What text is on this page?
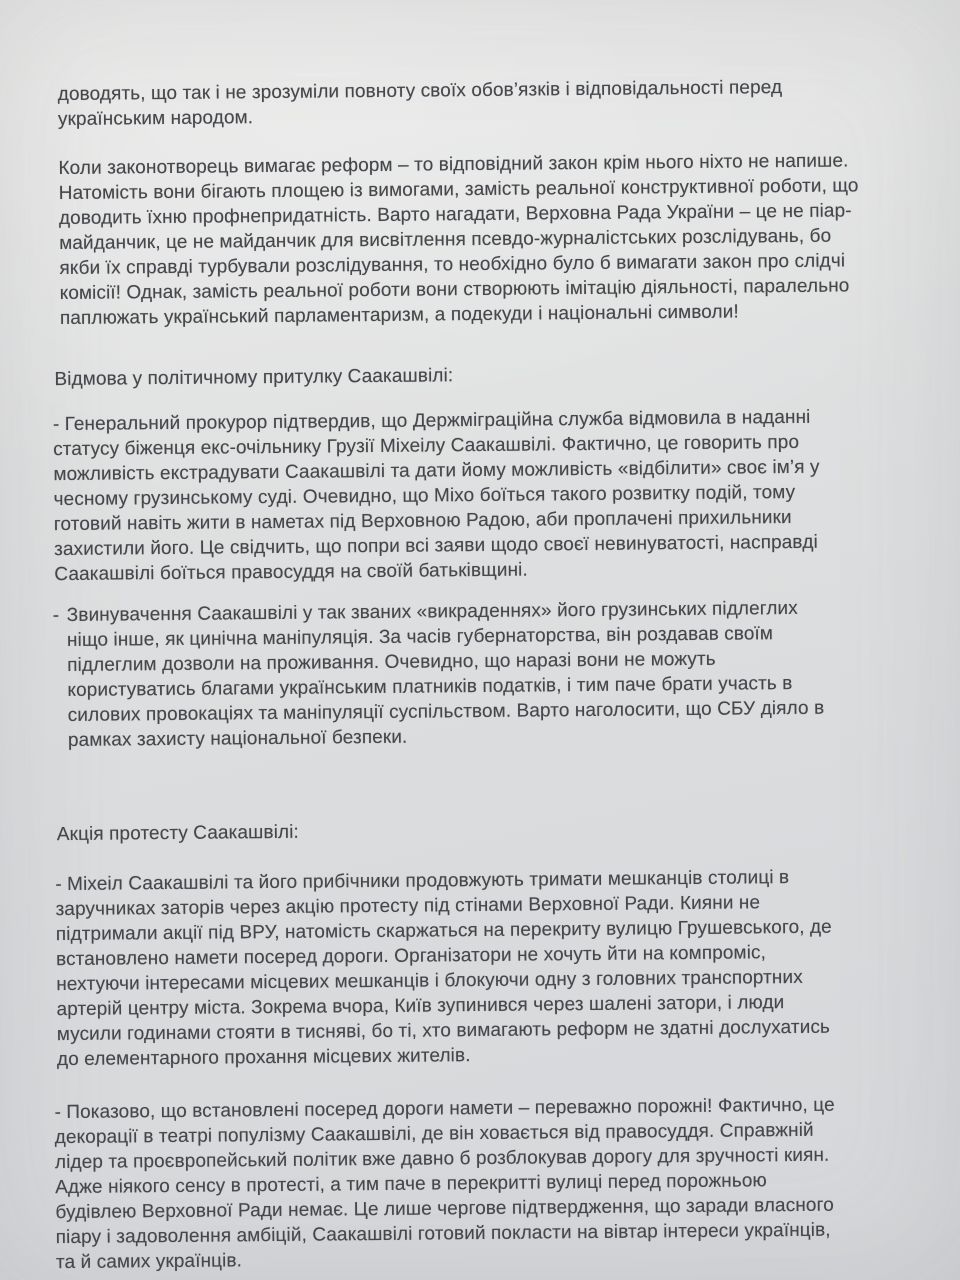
доводять, що так і не зрозуміли повноту своїх обов’язків і відповідальності перед
українським народом.
Коли законотворець вимагає реформ – то відповідний закон крім нього ніхто не напише.
Натомість вони бігають площею із вимогами, замість реальної конструктивної роботи, що
доводить їхню профнепридатність. Варто нагадати, Верховна Рада України – це не піар-
майданчик, це не майданчик для висвітлення псевдо-журналістських розслідувань, бо
якби їх справді турбували розслідування, то необхідно було б вимагати закон про слідчі
комісії! Однак, замість реальної роботи вони створюють імітацію діяльності, паралельно
паплюжать український парламентаризм, а подекуди і національні символи!
Відмова у політичному притулку Саакашвілі:
- Генеральний прокурор підтвердив, що Держміграційна служба відмовила в наданні
статусу біженця екс-очільнику Грузії Міхеілу Саакашвілі. Фактично, це говорить про
можливість екстрадувати Саакашвілі та дати йому можливість «відбілити» своє ім’я у
чесному грузинському суді. Очевидно, що Міхо боїться такого розвитку подій, тому
готовий навіть жити в наметах під Верховною Радою, аби проплачені прихильники
захистили його. Це свідчить, що попри всі заяви щодо своєї невинуватості, насправді
Саакашвілі боїться правосуддя на своїй батьківщині.
- Звинувачення Саакашвілі у так званих «викраденнях» його грузинських підлеглих
ніщо інше, як цинічна маніпуляція. За часів губернаторства, він роздавав своїм
підлеглим дозволи на проживання. Очевидно, що наразі вони не можуть
користуватись благами українським платників податків, і тим паче брати участь в
силових провокаціях та маніпуляції суспільством. Варто наголосити, що СБУ діяло в
рамках захисту національної безпеки.
Акція протесту Саакашвілі:
- Міхеіл Саакашвілі та його прибічники продовжують тримати мешканців столиці в
заручниках заторів через акцію протесту під стінами Верховної Ради. Кияни не
підтримали акції під ВРУ, натомість скаржаться на перекриту вулицю Грушевського, де
встановлено намети посеред дороги. Організатори не хочуть йти на компроміс,
нехтуючи інтересами місцевих мешканців і блокуючи одну з головних транспортних
артерій центру міста. Зокрема вчора, Київ зупинився через шалені затори, і люди
мусили годинами стояти в тисняві, бо ті, хто вимагають реформ не здатні дослухатись
до елементарного прохання місцевих жителів.
- Показово, що встановлені посеред дороги намети – переважно порожні! Фактично, це
декорації в театрі популізму Саакашвілі, де він ховається від правосуддя. Справжній
лідер та проєвропейський політик вже давно б розблокував дорогу для зручності киян.
Адже ніякого сенсу в протесті, а тим паче в перекритті вулиці перед порожньою
будівлею Верховної Ради немає. Це лише чергове підтвердження, що заради власного
піару і задоволення амбіцій, Саакашвілі готовий покласти на вівтар інтереси українців,
та й самих українців.
